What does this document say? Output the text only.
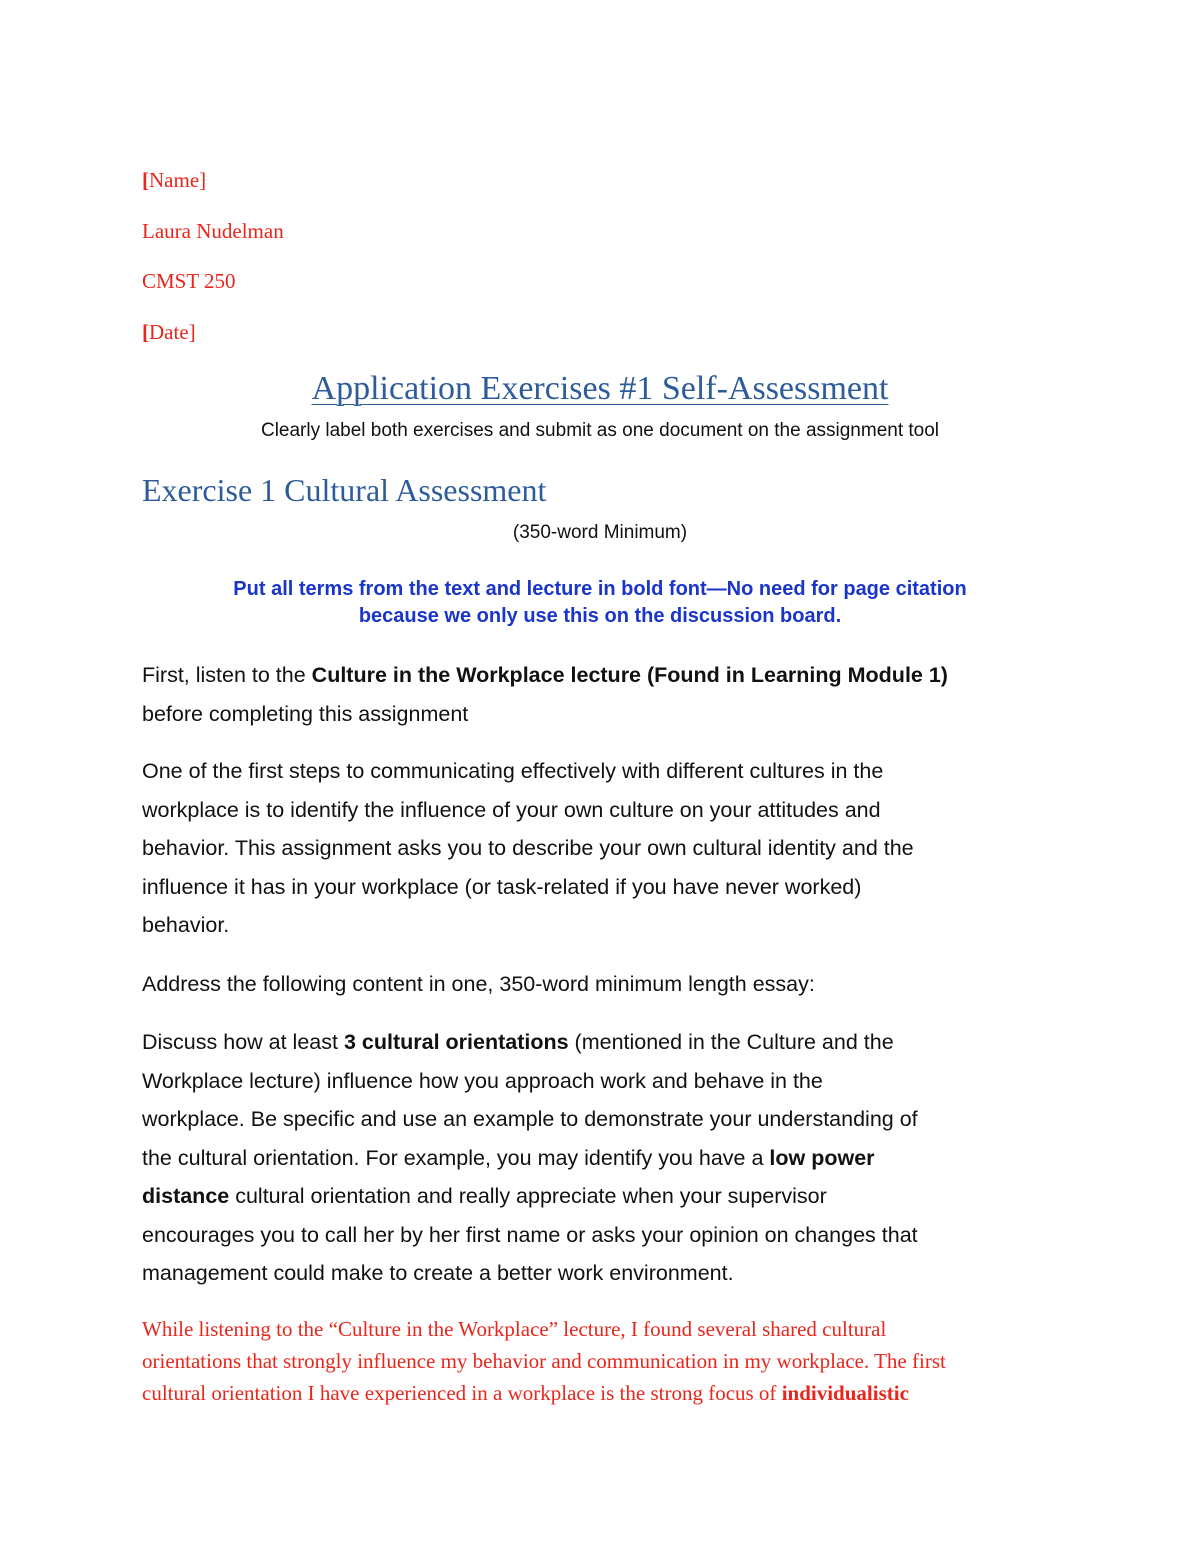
[Name]
Laura Nudelman
CMST 250
[Date]
Application Exercises #1 Self-Assessment
Clearly label both exercises and submit as one document on the assignment tool
Exercise 1 Cultural Assessment
(350-word Minimum)
Put all terms from the text and lecture in bold font—No need for page citation
because we only use this on the discussion board.
First, listen to the Culture in the Workplace lecture (Found in Learning Module 1)
before completing this assignment
One of the first steps to communicating effectively with different cultures in the
workplace is to identify the influence of your own culture on your attitudes and
behavior. This assignment asks you to describe your own cultural identity and the
influence it has in your workplace (or task-related if you have never worked)
behavior.
Address the following content in one, 350-word minimum length essay:
Discuss how at least 3 cultural orientations (mentioned in the Culture and the
Workplace lecture) influence how you approach work and behave in the
workplace. Be specific and use an example to demonstrate your understanding of
the cultural orientation. For example, you may identify you have a low power
distance cultural orientation and really appreciate when your supervisor
encourages you to call her by her first name or asks your opinion on changes that
management could make to create a better work environment.
While listening to the “Culture in the Workplace” lecture, I found several shared cultural
orientations that strongly influence my behavior and communication in my workplace. The first
cultural orientation I have experienced in a workplace is the strong focus of individualistic
